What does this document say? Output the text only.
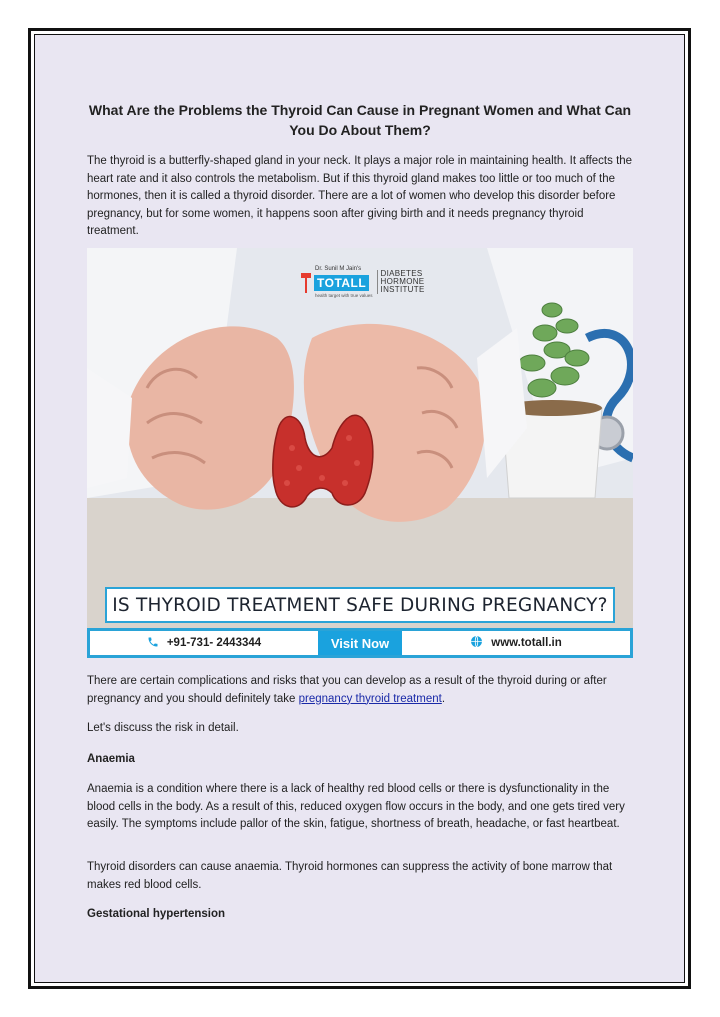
What Are the Problems the Thyroid Can Cause in Pregnant Women and What Can You Do About Them?
The thyroid is a butterfly-shaped gland in your neck. It plays a major role in maintaining health. It affects the heart rate and it also controls the metabolism. But if this thyroid gland makes too little or too much of the hormones, then it is called a thyroid disorder. There are a lot of women who develop this disorder before pregnancy, but for some women, it happens soon after giving birth and it needs pregnancy thyroid treatment.
Dr. Sunil M Jain's
TOTALL
health target with true values
DIABETES
HORMONE
INSTITUTE
IS THYROID TREATMENT SAFE DURING PREGNANCY?
+91-731- 2443344	Visit Now	www.totall.in
There are certain complications and risks that you can develop as a result of the thyroid during or after pregnancy and you should definitely take pregnancy thyroid treatment.
Let's discuss the risk in detail.
Anaemia
Anaemia is a condition where there is a lack of healthy red blood cells or there is dysfunctionality in the blood cells in the body. As a result of this, reduced oxygen flow occurs in the body, and one gets tired very easily. The symptoms include pallor of the skin, fatigue, shortness of breath, headache, or fast heartbeat.
Thyroid disorders can cause anaemia. Thyroid hormones can suppress the activity of bone marrow that makes red blood cells.
Gestational hypertension
